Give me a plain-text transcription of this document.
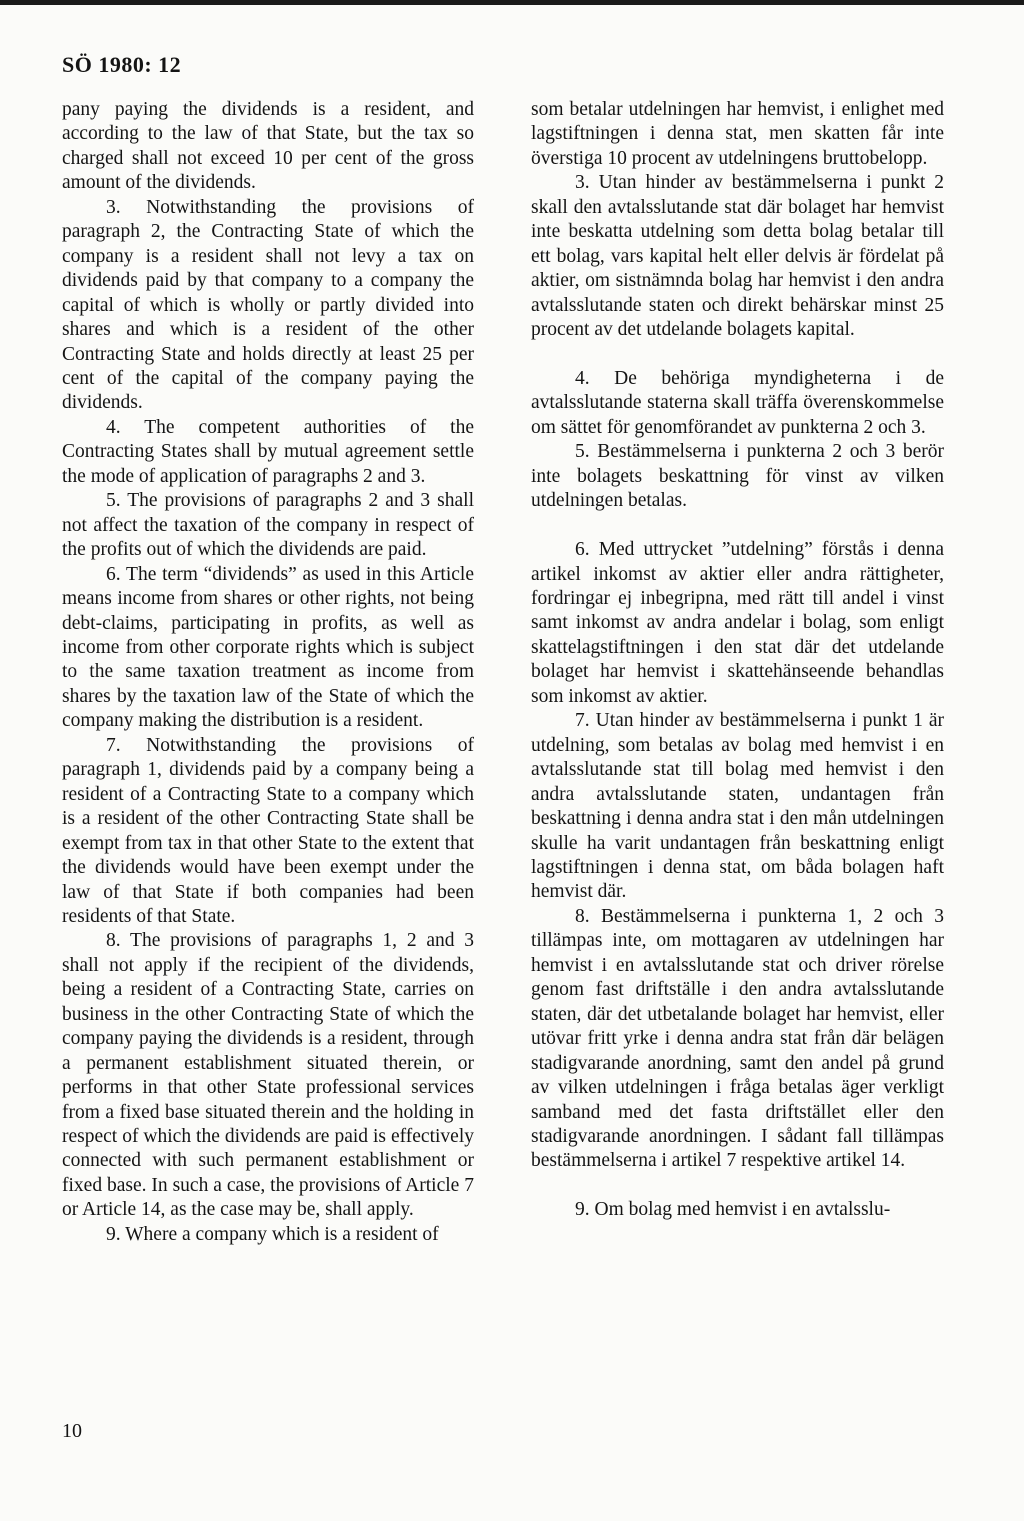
SÖ 1980: 12

pany paying the dividends is a resident, and according to the law of that State, but the tax so charged shall not exceed 10 per cent of the gross amount of the dividends.

3. Notwithstanding the provisions of paragraph 2, the Contracting State of which the company is a resident shall not levy a tax on dividends paid by that company to a company the capital of which is wholly or partly divided into shares and which is a resident of the other Contracting State and holds directly at least 25 per cent of the capital of the company paying the dividends.

4. The competent authorities of the Contracting States shall by mutual agreement settle the mode of application of paragraphs 2 and 3.

5. The provisions of paragraphs 2 and 3 shall not affect the taxation of the company in respect of the profits out of which the dividends are paid.

6. The term “dividends” as used in this Article means income from shares or other rights, not being debt-claims, participating in profits, as well as income from other corporate rights which is subject to the same taxation treatment as income from shares by the taxation law of the State of which the company making the distribution is a resident.

7. Notwithstanding the provisions of paragraph 1, dividends paid by a company being a resident of a Contracting State to a company which is a resident of the other Contracting State shall be exempt from tax in that other State to the extent that the dividends would have been exempt under the law of that State if both companies had been residents of that State.

8. The provisions of paragraphs 1, 2 and 3 shall not apply if the recipient of the dividends, being a resident of a Contracting State, carries on business in the other Contracting State of which the company paying the dividends is a resident, through a permanent establishment situated therein, or performs in that other State professional services from a fixed base situated therein and the holding in respect of which the dividends are paid is effectively connected with such permanent establishment or fixed base. In such a case, the provisions of Article 7 or Article 14, as the case may be, shall apply.

9. Where a company which is a resident of

som betalar utdelningen har hemvist, i enlighet med lagstiftningen i denna stat, men skatten får inte överstiga 10 procent av utdelningens bruttobelopp.

3. Utan hinder av bestämmelserna i punkt 2 skall den avtalsslutande stat där bolaget har hemvist inte beskatta utdelning som detta bolag betalar till ett bolag, vars kapital helt eller delvis är fördelat på aktier, om sistnämnda bolag har hemvist i den andra avtalsslutande staten och direkt behärskar minst 25 procent av det utdelande bolagets kapital.

4. De behöriga myndigheterna i de avtalsslutande staterna skall träffa överenskommelse om sättet för genomförandet av punkterna 2 och 3.

5. Bestämmelserna i punkterna 2 och 3 berör inte bolagets beskattning för vinst av vilken utdelningen betalas.

6. Med uttrycket ”utdelning” förstås i denna artikel inkomst av aktier eller andra rättigheter, fordringar ej inbegripna, med rätt till andel i vinst samt inkomst av andra andelar i bolag, som enligt skattelagstiftningen i den stat där det utdelande bolaget har hemvist i skattehänseende behandlas som inkomst av aktier.

7. Utan hinder av bestämmelserna i punkt 1 är utdelning, som betalas av bolag med hemvist i en avtalsslutande stat till bolag med hemvist i den andra avtalsslutande staten, undantagen från beskattning i denna andra stat i den mån utdelningen skulle ha varit undantagen från beskattning enligt lagstiftningen i denna stat, om båda bolagen haft hemvist där.

8. Bestämmelserna i punkterna 1, 2 och 3 tillämpas inte, om mottagaren av utdelningen har hemvist i en avtalsslutande stat och driver rörelse genom fast driftställe i den andra avtalsslutande staten, där det utbetalande bolaget har hemvist, eller utövar fritt yrke i denna andra stat från där belägen stadigvarande anordning, samt den andel på grund av vilken utdelningen i fråga betalas äger verkligt samband med det fasta driftstället eller den stadigvarande anordningen. I sådant fall tillämpas bestämmelserna i artikel 7 respektive artikel 14.

9. Om bolag med hemvist i en avtalsslu-

10
